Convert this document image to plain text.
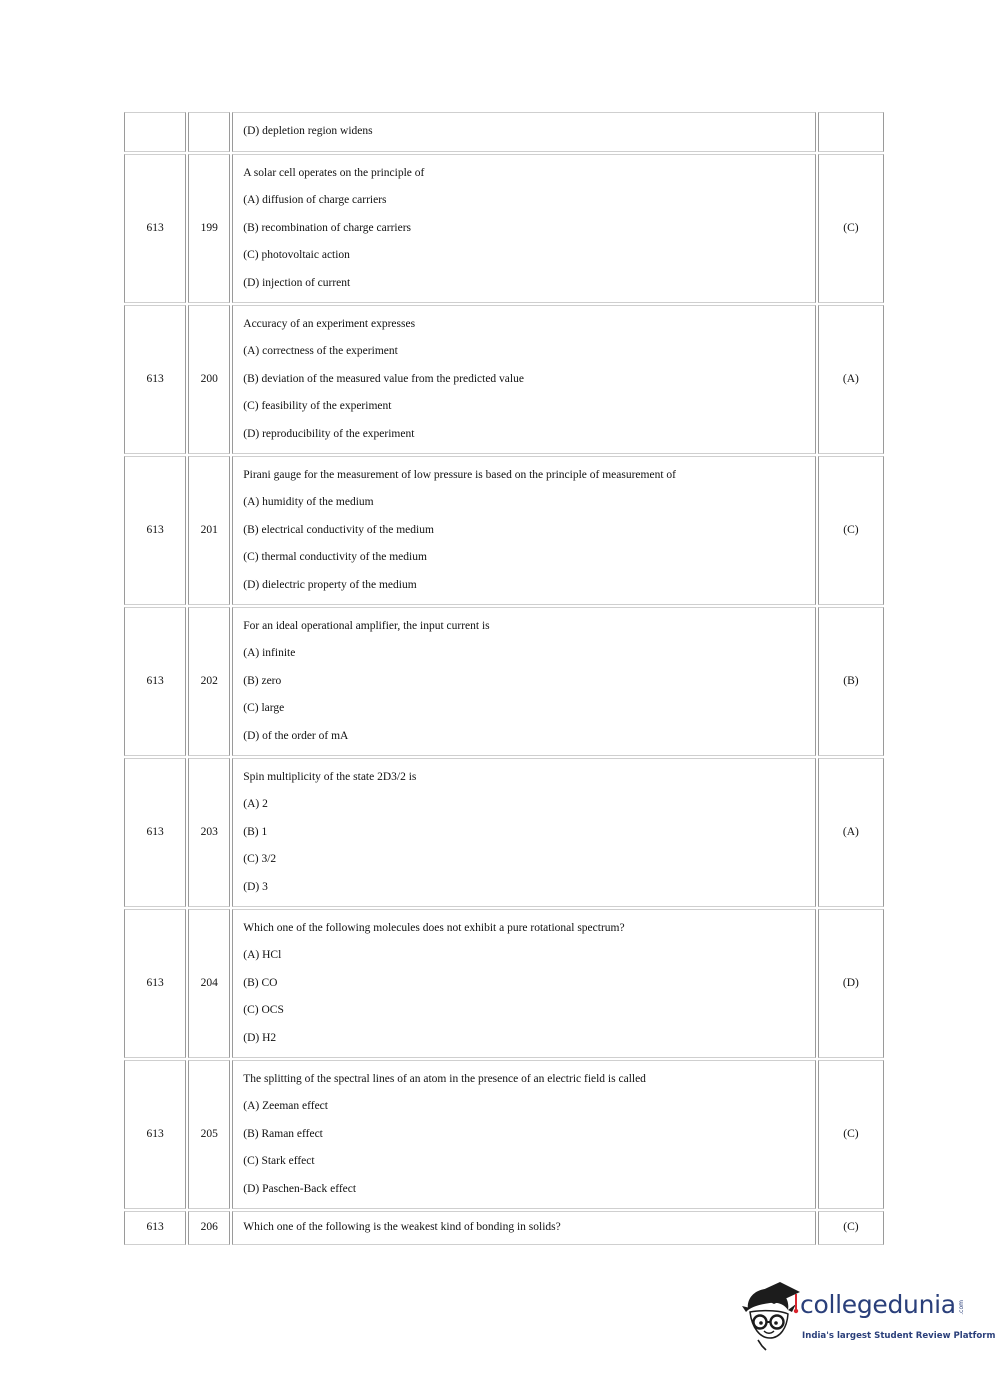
		(D) depletion region widens	
613	199	A solar cell operates on the principle of
(A) diffusion of charge carriers
(B) recombination of charge carriers
(C) photovoltaic action
(D) injection of current	(C)
613	200	Accuracy of an experiment expresses
(A) correctness of the experiment
(B) deviation of the measured value from the predicted value
(C) feasibility of the experiment
(D) reproducibility of the experiment	(A)
613	201	Pirani gauge for the measurement of low pressure is based on the principle of measurement of
(A) humidity of the medium
(B) electrical conductivity of the medium
(C) thermal conductivity of the medium
(D) dielectric property of the medium	(C)
613	202	For an ideal operational amplifier, the input current is
(A) infinite
(B) zero
(C) large
(D) of the order of mA	(B)
613	203	Spin multiplicity of the state 2D3/2 is
(A) 2
(B) 1
(C) 3/2
(D) 3	(A)
613	204	Which one of the following molecules does not exhibit a pure rotational spectrum?
(A) HCl
(B) CO
(C) OCS
(D) H2	(D)
613	205	The splitting of the spectral lines of an atom in the presence of an electric field is called
(A) Zeeman effect
(B) Raman effect
(C) Stark effect
(D) Paschen-Back effect	(C)
613	206	Which one of the following is the weakest kind of bonding in solids?	(C)
collegedunia .com
India's largest Student Review Platform
